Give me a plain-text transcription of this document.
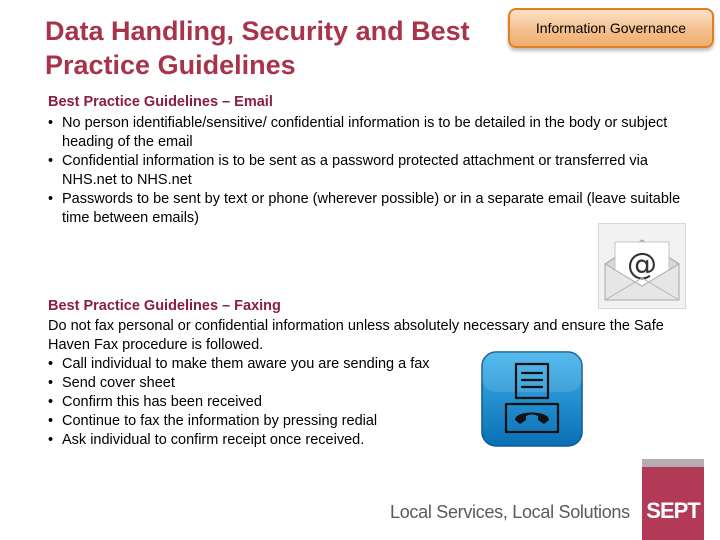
Data Handling, Security and Best Practice Guidelines
Information Governance
Best Practice Guidelines – Email
• No person identifiable/sensitive/ confidential information is to be detailed in the body or subject heading of the email
• Confidential information is to be sent as a password protected attachment or transferred via NHS.net to NHS.net
• Passwords to be sent by text or phone (wherever possible) or in a separate email (leave suitable time between emails)
@
Best Practice Guidelines – Faxing

Do not fax personal or confidential information unless absolutely necessary and ensure the Safe Haven Fax procedure is followed.

• Call individual to make them aware you are sending a fax
• Send cover sheet
• Confirm this has been received
• Continue to fax the information by pressing redial
• Ask individual to confirm receipt once received.
Local Services, Local Solutions SEPT
